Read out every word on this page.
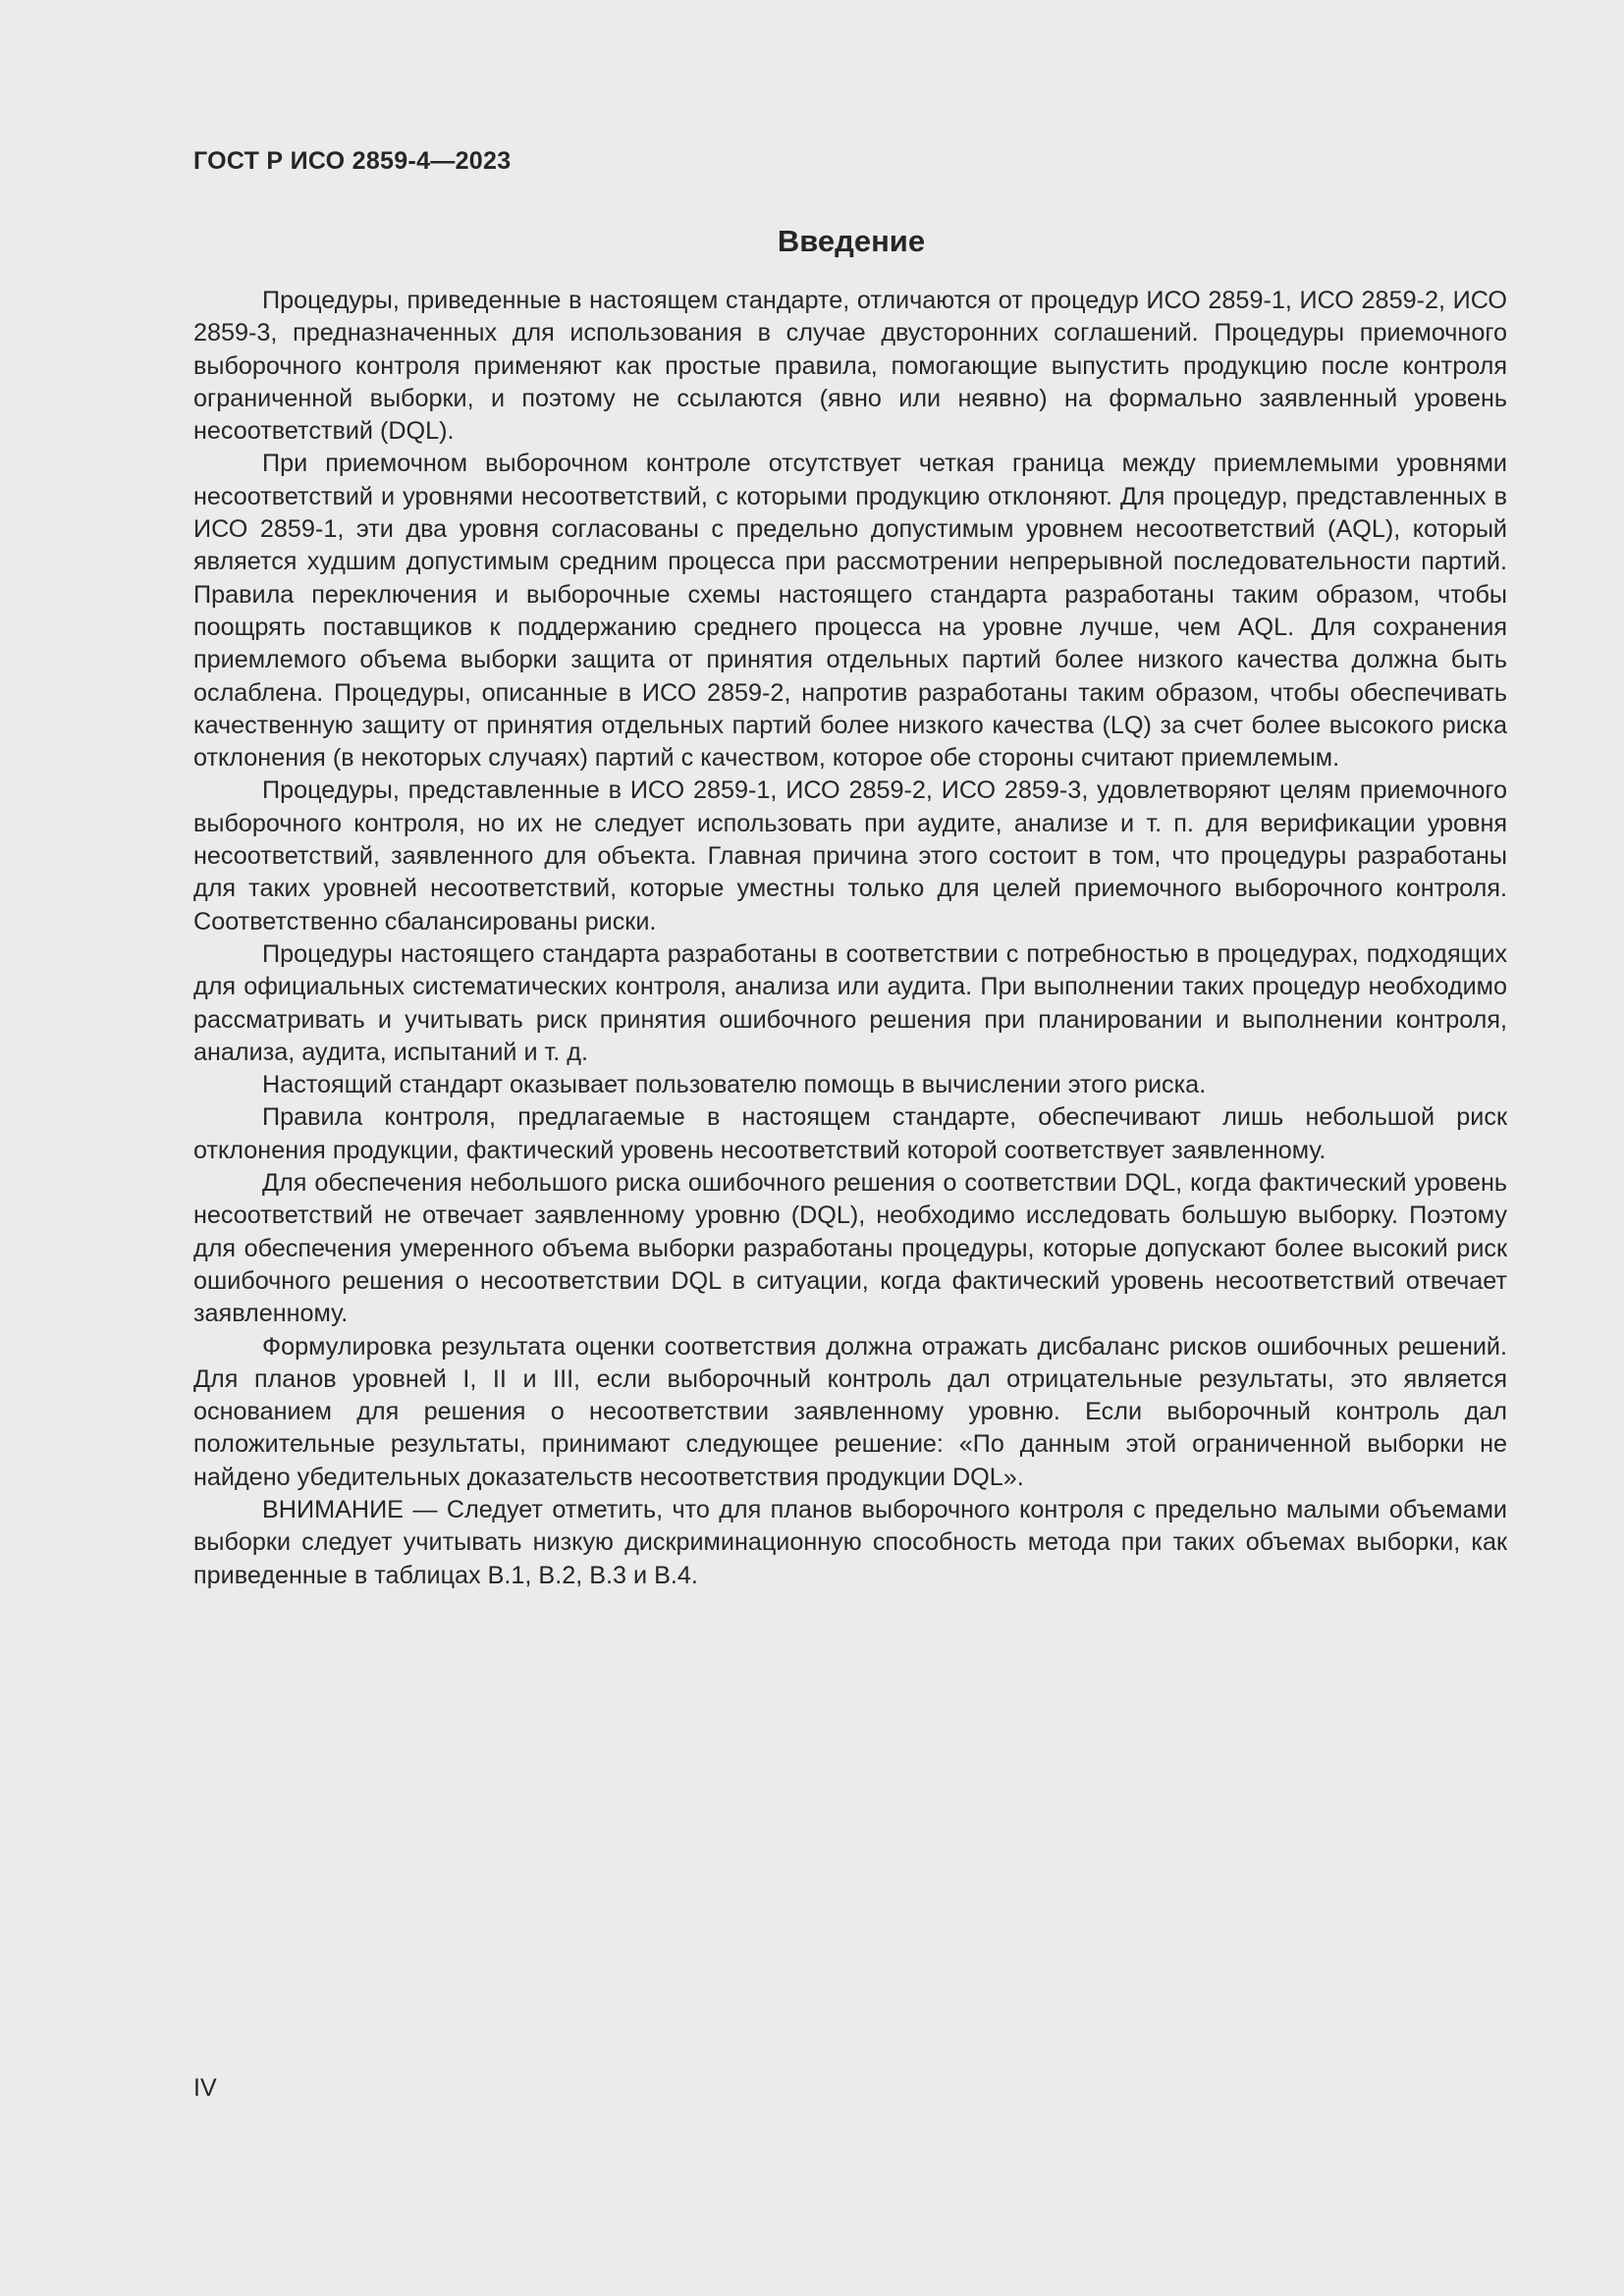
ГОСТ Р ИСО 2859-4—2023
Введение

Процедуры, приведенные в настоящем стандарте, отличаются от процедур ИСО 2859-1, ИСО 2859-2, ИСО 2859-3, предназначенных для использования в случае двусторонних соглашений. Процедуры приемочного выборочного контроля применяют как простые правила, помогающие выпустить продукцию после контроля ограниченной выборки, и поэтому не ссылаются (явно или неявно) на формально заявленный уровень несоответствий (DQL).

При приемочном выборочном контроле отсутствует четкая граница между приемлемыми уровнями несоответствий и уровнями несоответствий, с которыми продукцию отклоняют. Для процедур, представленных в ИСО 2859-1, эти два уровня согласованы с предельно допустимым уровнем несоответствий (AQL), который является худшим допустимым средним процесса при рассмотрении непрерывной последовательности партий. Правила переключения и выборочные схемы настоящего стандарта разработаны таким образом, чтобы поощрять поставщиков к поддержанию среднего процесса на уровне лучше, чем AQL. Для сохранения приемлемого объема выборки защита от принятия отдельных партий более низкого качества должна быть ослаблена. Процедуры, описанные в ИСО 2859-2, напротив разработаны таким образом, чтобы обеспечивать качественную защиту от принятия отдельных партий более низкого качества (LQ) за счет более высокого риска отклонения (в некоторых случаях) партий с качеством, которое обе стороны считают приемлемым.

Процедуры, представленные в ИСО 2859-1, ИСО 2859-2, ИСО 2859-3, удовлетворяют целям приемочного выборочного контроля, но их не следует использовать при аудите, анализе и т. п. для верификации уровня несоответствий, заявленного для объекта. Главная причина этого состоит в том, что процедуры разработаны для таких уровней несоответствий, которые уместны только для целей приемочного выборочного контроля. Соответственно сбалансированы риски.

Процедуры настоящего стандарта разработаны в соответствии с потребностью в процедурах, подходящих для официальных систематических контроля, анализа или аудита. При выполнении таких процедур необходимо рассматривать и учитывать риск принятия ошибочного решения при планировании и выполнении контроля, анализа, аудита, испытаний и т. д.

Настоящий стандарт оказывает пользователю помощь в вычислении этого риска.

Правила контроля, предлагаемые в настоящем стандарте, обеспечивают лишь небольшой риск отклонения продукции, фактический уровень несоответствий которой соответствует заявленному.

Для обеспечения небольшого риска ошибочного решения о соответствии DQL, когда фактический уровень несоответствий не отвечает заявленному уровню (DQL), необходимо исследовать большую выборку. Поэтому для обеспечения умеренного объема выборки разработаны процедуры, которые допускают более высокий риск ошибочного решения о несоответствии DQL в ситуации, когда фактический уровень несоответствий отвечает заявленному.

Формулировка результата оценки соответствия должна отражать дисбаланс рисков ошибочных решений. Для планов уровней I, II и III, если выборочный контроль дал отрицательные результаты, это является основанием для решения о несоответствии заявленному уровню. Если выборочный контроль дал положительные результаты, принимают следующее решение: «По данным этой ограниченной выборки не найдено убедительных доказательств несоответствия продукции DQL».

ВНИМАНИЕ — Следует отметить, что для планов выборочного контроля с предельно малыми объемами выборки следует учитывать низкую дискриминационную способность метода при таких объемах выборки, как приведенные в таблицах B.1, B.2, B.3 и B.4.

IV
